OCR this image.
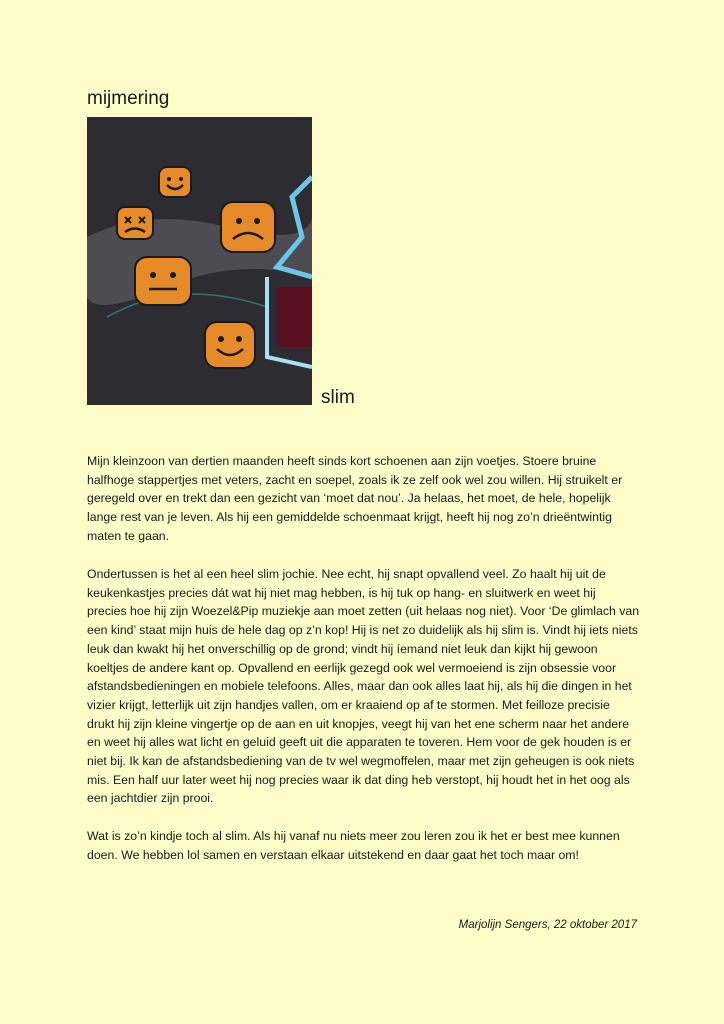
mijmering
slim
Mijn kleinzoon van dertien maanden heeft sinds kort schoenen aan zijn voetjes. Stoere bruine
halfhoge stappertjes met veters, zacht en soepel, zoals ik ze zelf ook wel zou willen. Hij struikelt er
geregeld over en trekt dan een gezicht van ‘moet dat nou’. Ja helaas, het moet, de hele, hopelijk
lange rest van je leven. Als hij een gemiddelde schoenmaat krijgt, heeft hij nog zo’n drieëntwintig
maten te gaan.
Ondertussen is het al een heel slim jochie. Nee echt, hij snapt opvallend veel. Zo haalt hij uit de
keukenkastjes precies dát wat hij niet mag hebben, is hij tuk op hang- en sluitwerk en weet hij
precies hoe hij zijn Woezel&Pip muziekje aan moet zetten (uit helaas nog niet). Voor ‘De glimlach van
een kind’ staat mijn huis de hele dag op z’n kop! Hij is net zo duidelijk als hij slim is. Vindt hij iets niets
leuk dan kwakt hij het onverschillig op de grond; vindt hij íemand niet leuk dan kijkt hij gewoon
koeltjes de andere kant op. Opvallend en eerlijk gezegd ook wel vermoeiend is zijn obsessie voor
afstandsbedieningen en mobiele telefoons. Alles, maar dan ook alles laat hij, als hij die dingen in het
vizier krijgt, letterlijk uit zijn handjes vallen, om er kraaiend op af te stormen. Met feilloze precisie
drukt hij zijn kleine vingertje op de aan en uit knopjes, veegt hij van het ene scherm naar het andere
en weet hij alles wat licht en geluid geeft uit die apparaten te toveren. Hem voor de gek houden is er
niet bij. Ik kan de afstandsbediening van de tv wel wegmoffelen, maar met zijn geheugen is ook niets
mis. Een half uur later weet hij nog precies waar ik dat ding heb verstopt, hij houdt het in het oog als
een jachtdier zijn prooi.
Wat is zo’n kindje toch al slim. Als hij vanaf nu niets meer zou leren zou ik het er best mee kunnen
doen. We hebben lol samen en verstaan elkaar uitstekend en daar gaat het toch maar om!
Marjolijn Sengers, 22 oktober 2017
